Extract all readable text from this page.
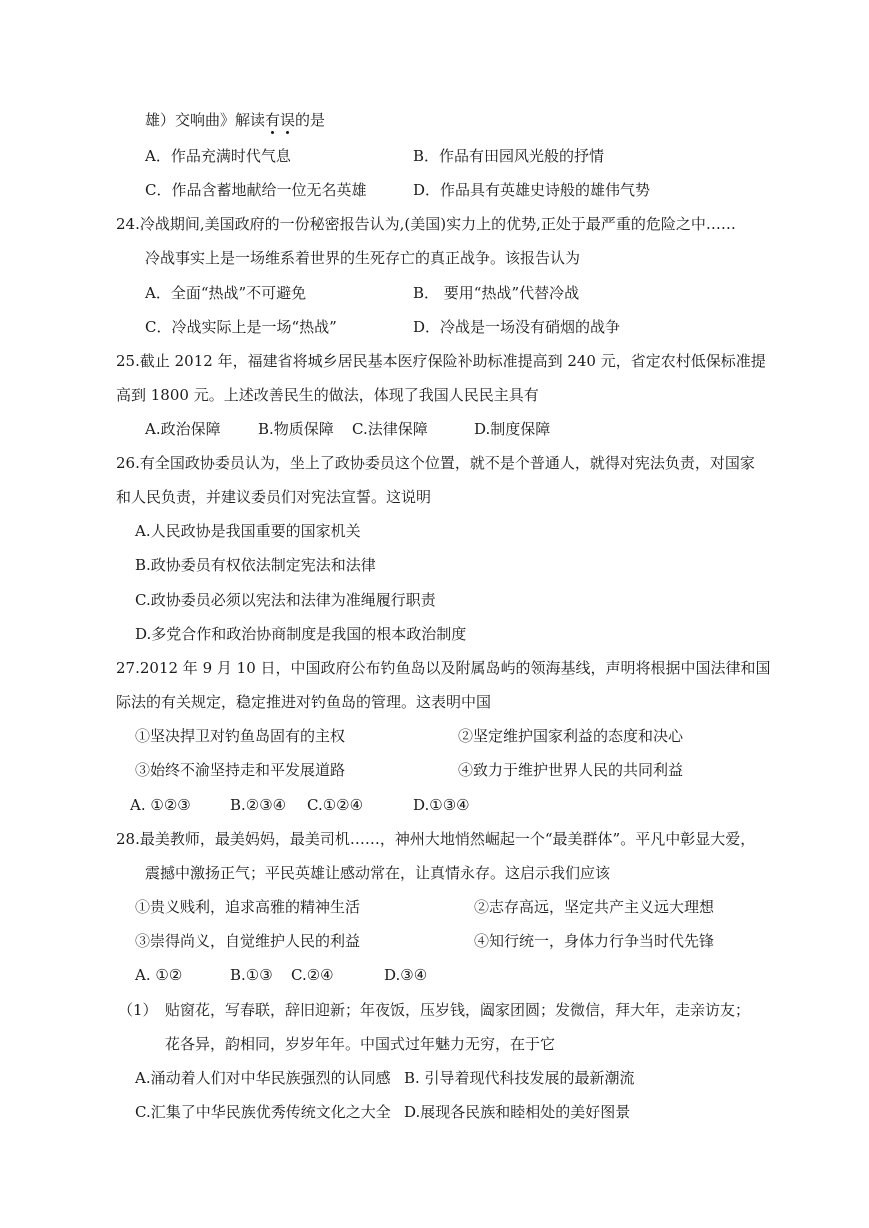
雄）交响曲》解读有误的是
A．作品充满时代气息	B．作品有田园风光般的抒情
C．作品含蓄地献给一位无名英雄	D．作品具有英雄史诗般的雄伟气势
24.冷战期间,美国政府的一份秘密报告认为,(美国)实力上的优势,正处于最严重的危险之中……
冷战事实上是一场维系着世界的生死存亡的真正战争。该报告认为
A．全面“热战”不可避免	B． 要用“热战”代替冷战
C．冷战实际上是一场“热战”	D．冷战是一场没有硝烟的战争
25.截止 2012 年，福建省将城乡居民基本医疗保险补助标准提高到 240 元，省定农村低保标准提
高到 1800 元。上述改善民生的做法，体现了我国人民民主具有
A.政治保障 B.物质保障 C.法律保障	D.制度保障
26.有全国政协委员认为，坐上了政协委员这个位置，就不是个普通人，就得对宪法负责，对国家
和人民负责，并建议委员们对宪法宣誓。这说明
A.人民政协是我国重要的国家机关
B.政协委员有权依法制定宪法和法律
C.政协委员必须以宪法和法律为准绳履行职责
D.多党合作和政治协商制度是我国的根本政治制度
27.2012 年 9 月 10 日，中国政府公布钓鱼岛以及附属岛屿的领海基线，声明将根据中国法律和国
际法的有关规定，稳定推进对钓鱼岛的管理。这表明中国
①坚决捍卫对钓鱼岛固有的主权	②坚定维护国家利益的态度和决心
③始终不渝坚持走和平发展道路	④致力于维护世界人民的共同利益
A. ①②③	B.②③④ C.①②④	D.①③④
28.最美教师，最美妈妈，最美司机……，神州大地悄然崛起一个“最美群体”。平凡中彰显大爱，
震撼中激扬正气；平民英雄让感动常在，让真情永存。这启示我们应该
①贵义贱利，追求高雅的精神生活	②志存高远，坚定共产主义远大理想
③崇得尚义，自觉维护人民的利益	④知行统一，身体力行争当时代先锋
A. ①②	B.①③ C.②④	D.③④
（1） 贴窗花，写春联，辞旧迎新；年夜饭，压岁钱，阖家团圆；发微信，拜大年，走亲访友；
花各异，韵相同，岁岁年年。中国式过年魅力无穷，在于它
A.涌动着人们对中华民族强烈的认同感 B. 引导着现代科技发展的最新潮流
C.汇集了中华民族优秀传统文化之大全 D.展现各民族和睦相处的美好图景
